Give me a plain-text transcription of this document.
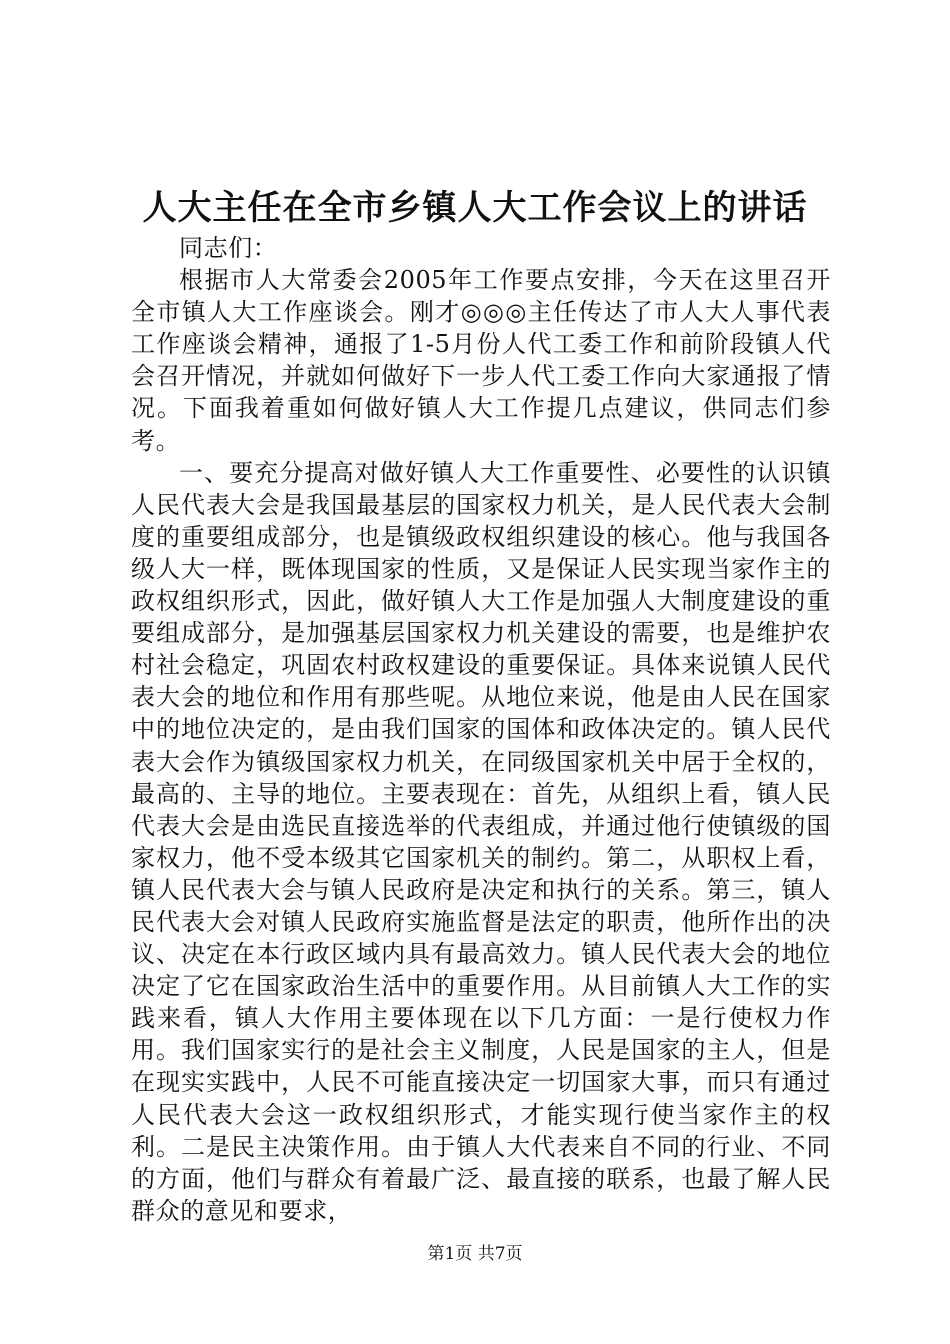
人大主任在全市乡镇人大工作会议上的讲话

同志们：

根据市人大常委会2005年工作要点安排，今天在这里召开全市镇人大工作座谈会。刚才◎◎◎主任传达了市人大人事代表工作座谈会精神，通报了1-5月份人代工委工作和前阶段镇人代会召开情况，并就如何做好下一步人代工委工作向大家通报了情况。下面我着重如何做好镇人大工作提几点建议，供同志们参考。

一、要充分提高对做好镇人大工作重要性、必要性的认识镇人民代表大会是我国最基层的国家权力机关，是人民代表大会制度的重要组成部分，也是镇级政权组织建设的核心。他与我国各级人大一样，既体现国家的性质，又是保证人民实现当家作主的政权组织形式，因此，做好镇人大工作是加强人大制度建设的重要组成部分，是加强基层国家权力机关建设的需要，也是维护农村社会稳定，巩固农村政权建设的重要保证。具体来说镇人民代表大会的地位和作用有那些呢。从地位来说，他是由人民在国家中的地位决定的，是由我们国家的国体和政体决定的。镇人民代表大会作为镇级国家权力机关，在同级国家机关中居于全权的，最高的、主导的地位。主要表现在：首先，从组织上看，镇人民代表大会是由选民直接选举的代表组成，并通过他行使镇级的国家权力，他不受本级其它国家机关的制约。第二，从职权上看，镇人民代表大会与镇人民政府是决定和执行的关系。第三，镇人民代表大会对镇人民政府实施监督是法定的职责，他所作出的决议、决定在本行政区域内具有最高效力。镇人民代表大会的地位决定了它在国家政治生活中的重要作用。从目前镇人大工作的实践来看，镇人大作用主要体现在以下几方面：一是行使权力作用。我们国家实行的是社会主义制度，人民是国家的主人，但是在现实实践中，人民不可能直接决定一切国家大事，而只有通过人民代表大会这一政权组织形式，才能实现行使当家作主的权利。二是民主决策作用。由于镇人大代表来自不同的行业、不同的方面，他们与群众有着最广泛、最直接的联系，也最了解人民群众的意见和要求，

第1页 共7页
